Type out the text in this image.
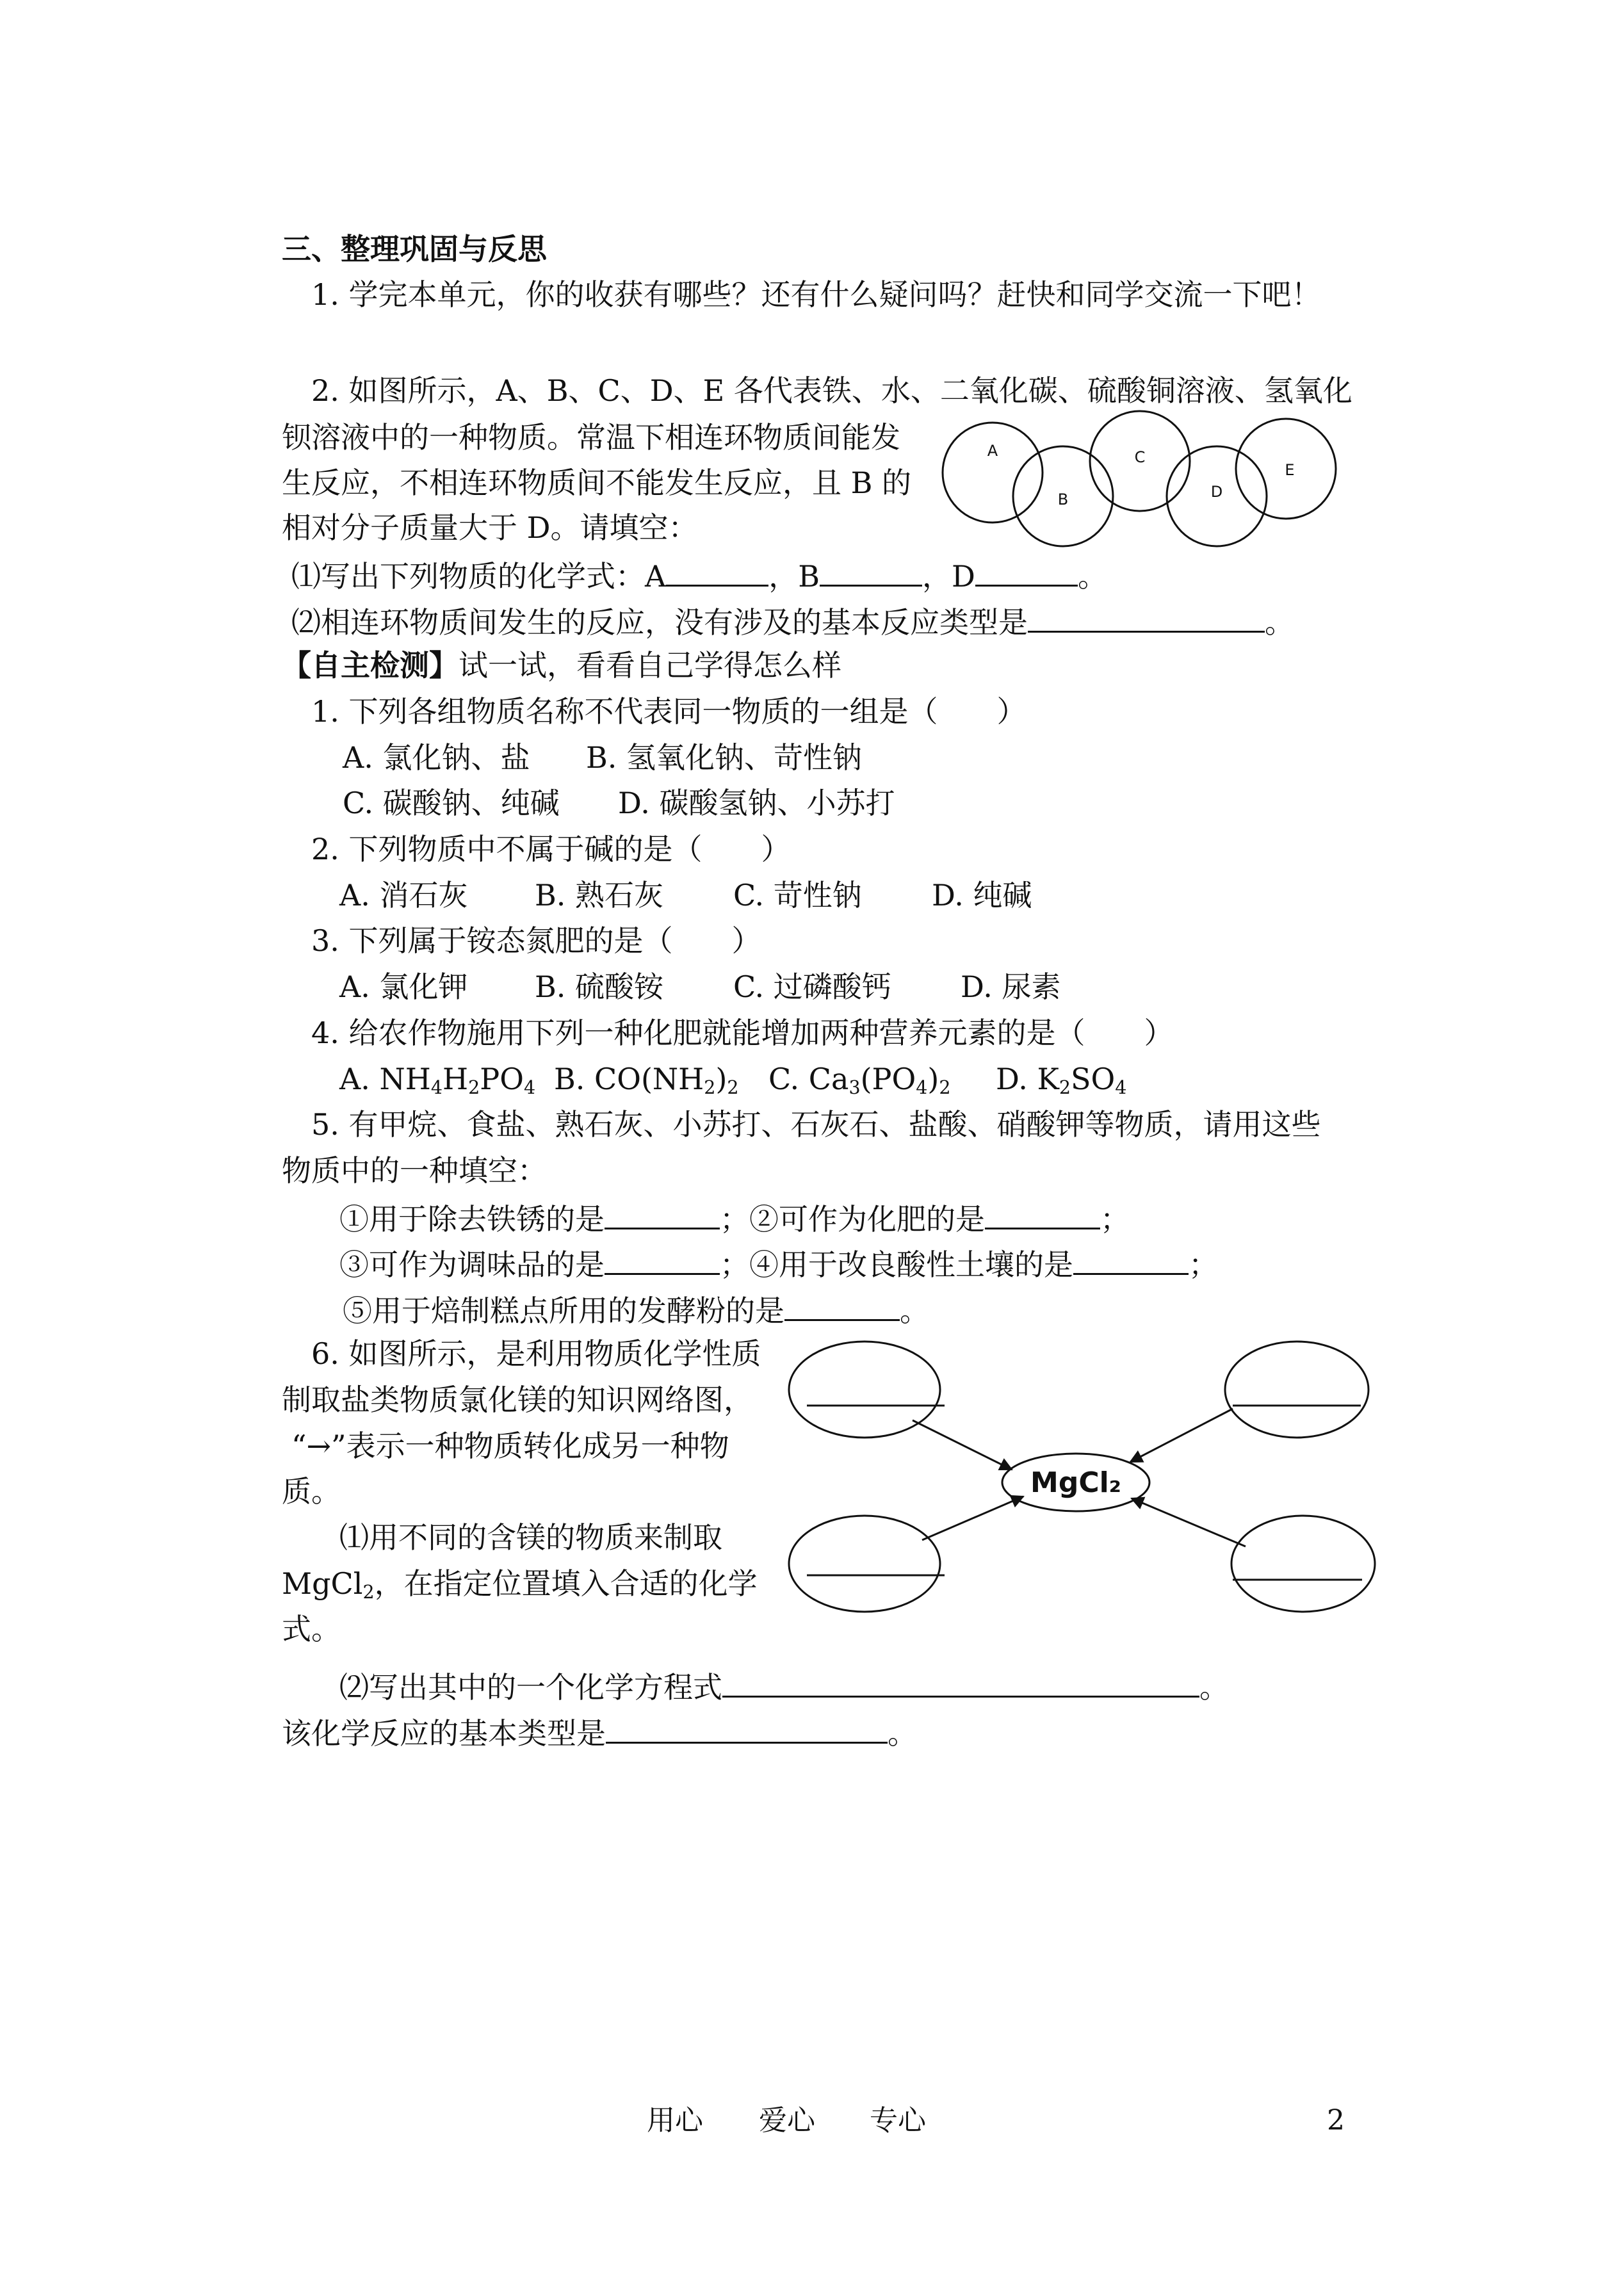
三、整理巩固与反思
1. 学完本单元，你的收获有哪些？还有什么疑问吗？赶快和同学交流一下吧！
2. 如图所示，A、B、C、D、E 各代表铁、水、二氧化碳、硫酸铜溶液、氢氧化
钡溶液中的一种物质。常温下相连环物质间能发
生反应，不相连环物质间不能发生反应，且 B 的
相对分子质量大于 D。请填空：
A
B
C
D
E
⑴写出下列物质的化学式：A	，B	，D	。
⑵相连环物质间发生的反应，没有涉及的基本反应类型是	。
【自主检测】试一试，看看自己学得怎么样
1. 下列各组物质名称不代表同一物质的一组是（　　）
A. 氯化钠、盐 B. 氢氧化钠、苛性钠
C. 碳酸钠、纯碱 D. 碳酸氢钠、小苏打
2. 下列物质中不属于碱的是（　　）
A. 消石灰 B. 熟石灰 C. 苛性钠 D. 纯碱
3. 下列属于铵态氮肥的是（　　）
A. 氯化钾 B. 硫酸铵 C. 过磷酸钙 D. 尿素
4. 给农作物施用下列一种化肥就能增加两种营养元素的是（　　）
A. $NH_4H_2PO_4$ B. $CO(NH_2)_2$ C. $Ca_3(PO_4)_2$ D. $K_2SO_4$
5. 有甲烷、食盐、熟石灰、小苏打、石灰石、盐酸、硝酸钾等物质，请用这些
物质中的一种填空：
①用于除去铁锈的是	；②可作为化肥的是	；
③可作为调味品的是	；④用于改良酸性土壤的是	；
⑤用于焙制糕点所用的发酵粉的是	。
6. 如图所示，是利用物质化学性质
制取盐类物质氯化镁的知识网络图，
“→”表示一种物质转化成另一种物
质。
⑴用不同的含镁的物质来制取
MgCl$_2$，在指定位置填入合适的化学
式。
MgCl₂
⑵写出其中的一个化学方程式	。
该化学反应的基本类型是	。
用心 爱心 专心	2
